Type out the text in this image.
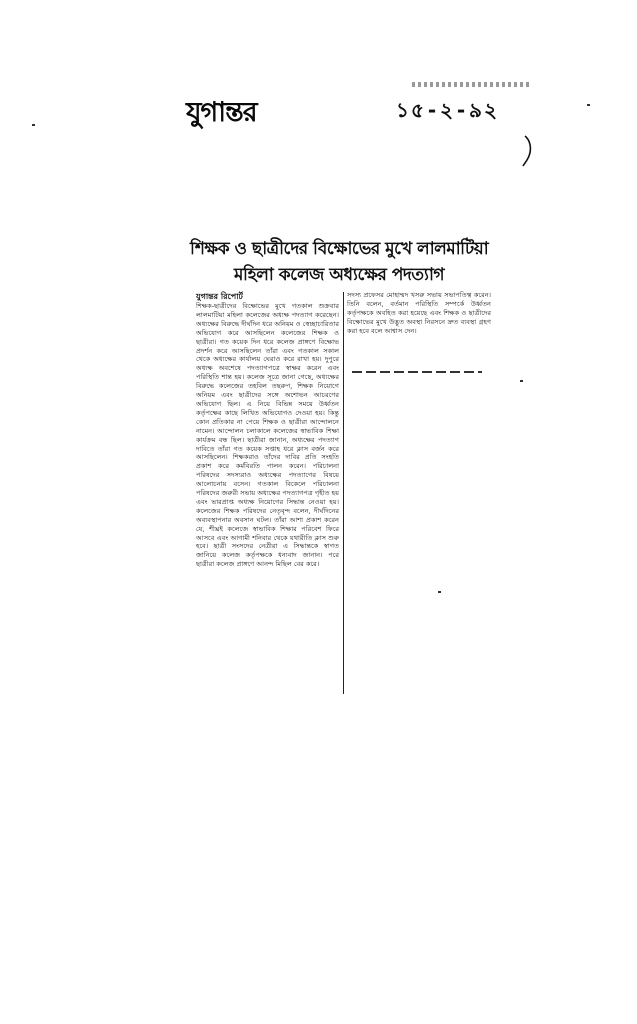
যুগান্তর	১৫-২-৯২
শিক্ষক ও ছাত্রীদের বিক্ষোভের মুখে লালমাটিয়া
মহিলা কলেজ অধ্যক্ষের পদত্যাগ
যুগান্তর রিপোর্ট
শিক্ষক-ছাত্রীদের বিক্ষোভের মুখে গতকাল শুক্রবার লালমাটিয়া মহিলা কলেজের অধ্যক্ষ পদত্যাগ করেছেন। অধ্যক্ষের বিরুদ্ধে দীর্ঘদিন ধরে অনিয়ম ও স্বেচ্ছাচারিতার অভিযোগ করে আসছিলেন কলেজের শিক্ষক ও ছাত্রীরা। গত কয়েক দিন ধরে কলেজ প্রাঙ্গণে বিক্ষোভ প্রদর্শন করে আসছিলেন তাঁরা এবং গতকাল সকাল থেকে অধ্যক্ষের কার্যালয় ঘেরাও করে রাখা হয়। দুপুরে অধ্যক্ষ অবশেষে পদত্যাগপত্রে স্বাক্ষর করেন এবং পরিস্থিতি শান্ত হয়। কলেজ সূত্রে জানা গেছে, অধ্যক্ষের বিরুদ্ধে কলেজের তহবিল তছরুপ, শিক্ষক নিয়োগে অনিয়ম এবং ছাত্রীদের সঙ্গে অশোভন আচরণের অভিযোগ ছিল। এ নিয়ে বিভিন্ন সময়ে উর্ধ্বতন কর্তৃপক্ষের কাছে লিখিত অভিযোগও দেওয়া হয়। কিন্তু কোন প্রতিকার না পেয়ে শিক্ষক ও ছাত্রীরা আন্দোলনে নামেন। আন্দোলন চলাকালে কলেজের স্বাভাবিক শিক্ষা কার্যক্রম বন্ধ ছিল। ছাত্রীরা জানান, অধ্যক্ষের পদত্যাগ দাবিতে তাঁরা গত কয়েক সপ্তাহ ধরে ক্লাস বর্জন করে আসছিলেন। শিক্ষকরাও তাঁদের দাবির প্রতি সংহতি প্রকাশ করে কর্মবিরতি পালন করেন। পরিচালনা পরিষদের সদস্যরাও অধ্যক্ষের পদত্যাগের বিষয়ে আলোচনায় বসেন। গতকাল বিকেলে পরিচালনা পরিষদের জরুরী সভায় অধ্যক্ষের পদত্যাগপত্র গৃহীত হয় এবং ভারপ্রাপ্ত অধ্যক্ষ নিয়োগের সিদ্ধান্ত নেওয়া হয়। কলেজের শিক্ষক পরিষদের নেতৃবৃন্দ বলেন, দীর্ঘদিনের অব্যবস্থাপনার অবসান ঘটল। তাঁরা আশা প্রকাশ করেন যে, শীঘ্রই কলেজে স্বাভাবিক শিক্ষার পরিবেশ ফিরে আসবে এবং আগামী শনিবার থেকে যথারীতি ক্লাস শুরু হবে। ছাত্রী সংসদের নেত্রীরা এ সিদ্ধান্তকে স্বাগত জানিয়ে কলেজ কর্তৃপক্ষকে ধন্যবাদ জানান। পরে ছাত্রীরা কলেজ প্রাঙ্গণে আনন্দ মিছিল বের করে।
সদস্য প্রফেসর মোহাম্মদ খসরু সভায় সভাপতিত্ব করেন। তিনি বলেন, বর্তমান পরিস্থিতি সম্পর্কে উর্ধ্বতন কর্তৃপক্ষকে অবহিত করা হয়েছে এবং শিক্ষক ও ছাত্রীদের বিক্ষোভের মুখে উদ্ভূত অবস্থা নিরসনে দ্রুত ব্যবস্থা গ্রহণ করা হবে বলে আশ্বাস দেন।
